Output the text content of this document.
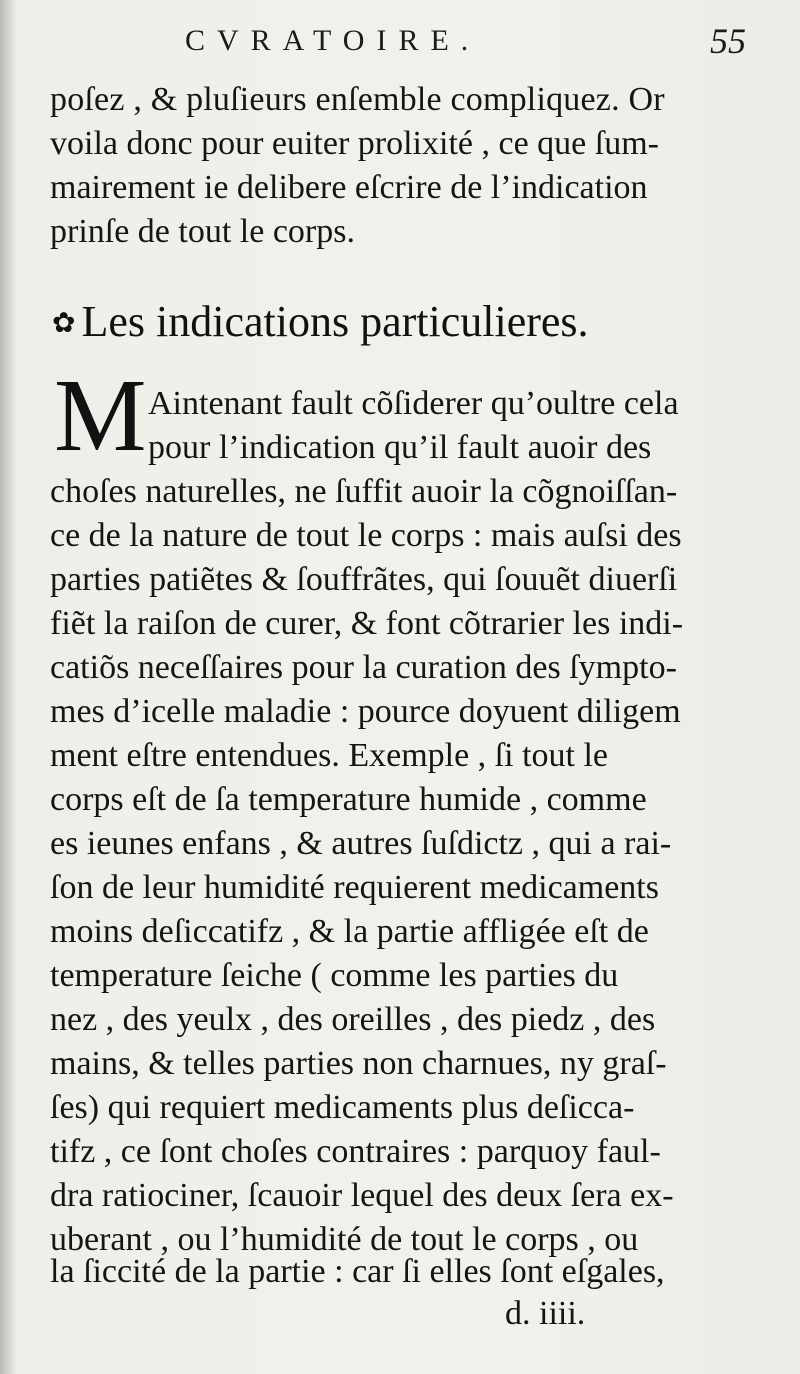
CVRATOIRE.	55
poſez , & pluſieurs enſemble compliquez. Or
voila donc pour euiter prolixité , ce que ſum-
mairement ie delibere eſcrire de l’indication
prinſe de tout le corps.
✿ Les indications particulieres.
M Aintenant fault cõſiderer qu’oultre cela
pour l’indication qu’il fault auoir des
choſes naturelles, ne ſuffit auoir la cõgnoiſſan-
ce de la nature de tout le corps : mais auſsi des
parties patiẽtes & ſouffrãtes, qui ſouuẽt diuerſi
fiẽt la raiſon de curer, & font cõtrarier les indi-
catiõs neceſſaires pour la curation des ſympto-
mes d’icelle maladie : pource doyuent diligem
ment eſtre entendues. Exemple , ſi tout le
corps eſt de ſa temperature humide , comme
es ieunes enfans , & autres ſuſdictz , qui a rai-
ſon de leur humidité requierent medicaments
moins deſiccatifz , & la partie affligée eſt de
temperature ſeiche ( comme les parties du
nez , des yeulx , des oreilles , des piedz , des
mains, & telles parties non charnues, ny graſ-
ſes) qui requiert medicaments plus deſicca-
tifz , ce ſont choſes contraires : parquoy faul-
dra ratiociner, ſcauoir lequel des deux ſera ex-
uberant , ou l’humidité de tout le corps , ou
la ſiccité de la partie : car ſi elles ſont eſgales,
d. iiii.
